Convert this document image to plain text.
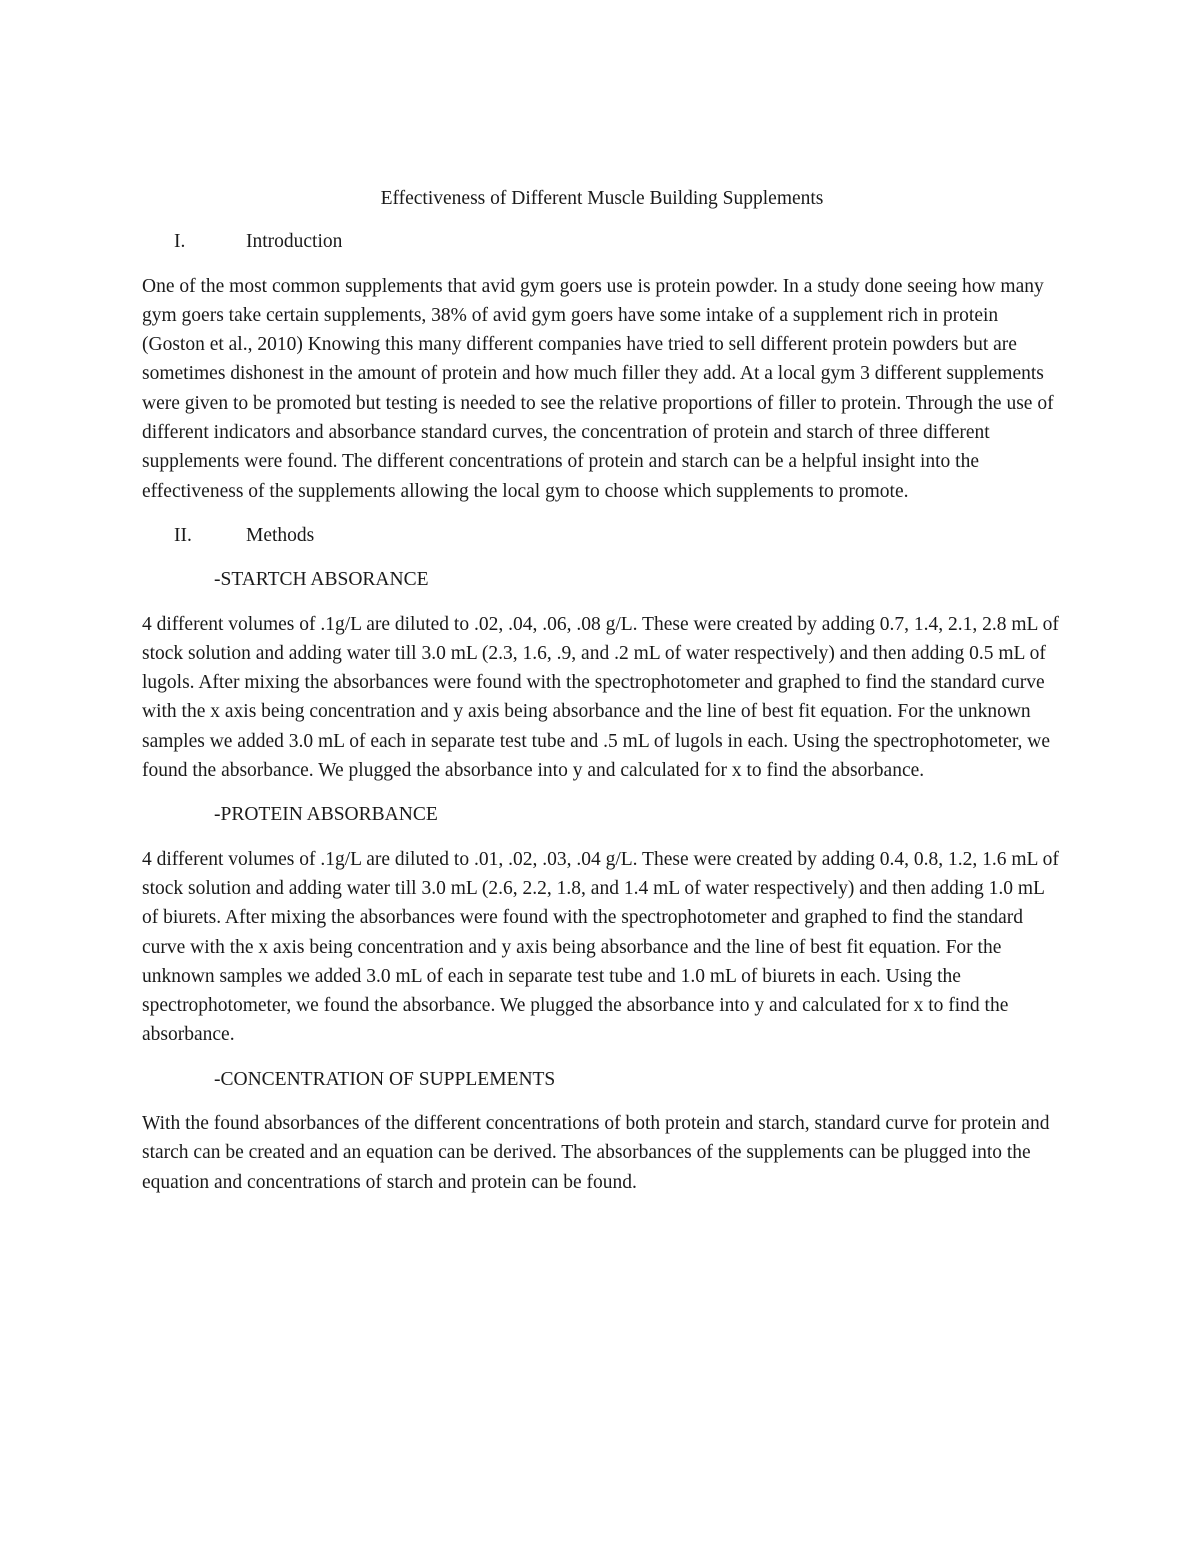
Effectiveness of Different Muscle Building Supplements
I.	Introduction

One of the most common supplements that avid gym goers use is protein powder. In a study done seeing how many gym goers take certain supplements, 38% of avid gym goers have some intake of a supplement rich in protein (Goston et al., 2010) Knowing this many different companies have tried to sell different protein powders but are sometimes dishonest in the amount of protein and how much filler they add. At a local gym 3 different supplements were given to be promoted but testing is needed to see the relative proportions of filler to protein. Through the use of different indicators and absorbance standard curves, the concentration of protein and starch of three different supplements were found. The different concentrations of protein and starch can be a helpful insight into the effectiveness of the supplements allowing the local gym to choose which supplements to promote.

II.	Methods
-STARTCH ABSORANCE

4 different volumes of .1g/L are diluted to .02, .04, .06, .08 g/L. These were created by adding 0.7, 1.4, 2.1, 2.8 mL of stock solution and adding water till 3.0 mL (2.3, 1.6, .9, and .2 mL of water respectively) and then adding 0.5 mL of lugols. After mixing the absorbances were found with the spectrophotometer and graphed to find the standard curve with the x axis being concentration and y axis being absorbance and the line of best fit equation. For the unknown samples we added 3.0 mL of each in separate test tube and .5 mL of lugols in each. Using the spectrophotometer, we found the absorbance. We plugged the absorbance into y and calculated for x to find the absorbance.

-PROTEIN ABSORBANCE

4 different volumes of .1g/L are diluted to .01, .02, .03, .04 g/L. These were created by adding 0.4, 0.8, 1.2, 1.6 mL of stock solution and adding water till 3.0 mL (2.6, 2.2, 1.8, and 1.4 mL of water respectively) and then adding 1.0 mL of biurets. After mixing the absorbances were found with the spectrophotometer and graphed to find the standard curve with the x axis being concentration and y axis being absorbance and the line of best fit equation. For the unknown samples we added 3.0 mL of each in separate test tube and 1.0 mL of biurets in each. Using the spectrophotometer, we found the absorbance. We plugged the absorbance into y and calculated for x to find the absorbance.

-CONCENTRATION OF SUPPLEMENTS

With the found absorbances of the different concentrations of both protein and starch, standard curve for protein and starch can be created and an equation can be derived. The absorbances of the supplements can be plugged into the equation and concentrations of starch and protein can be found.
